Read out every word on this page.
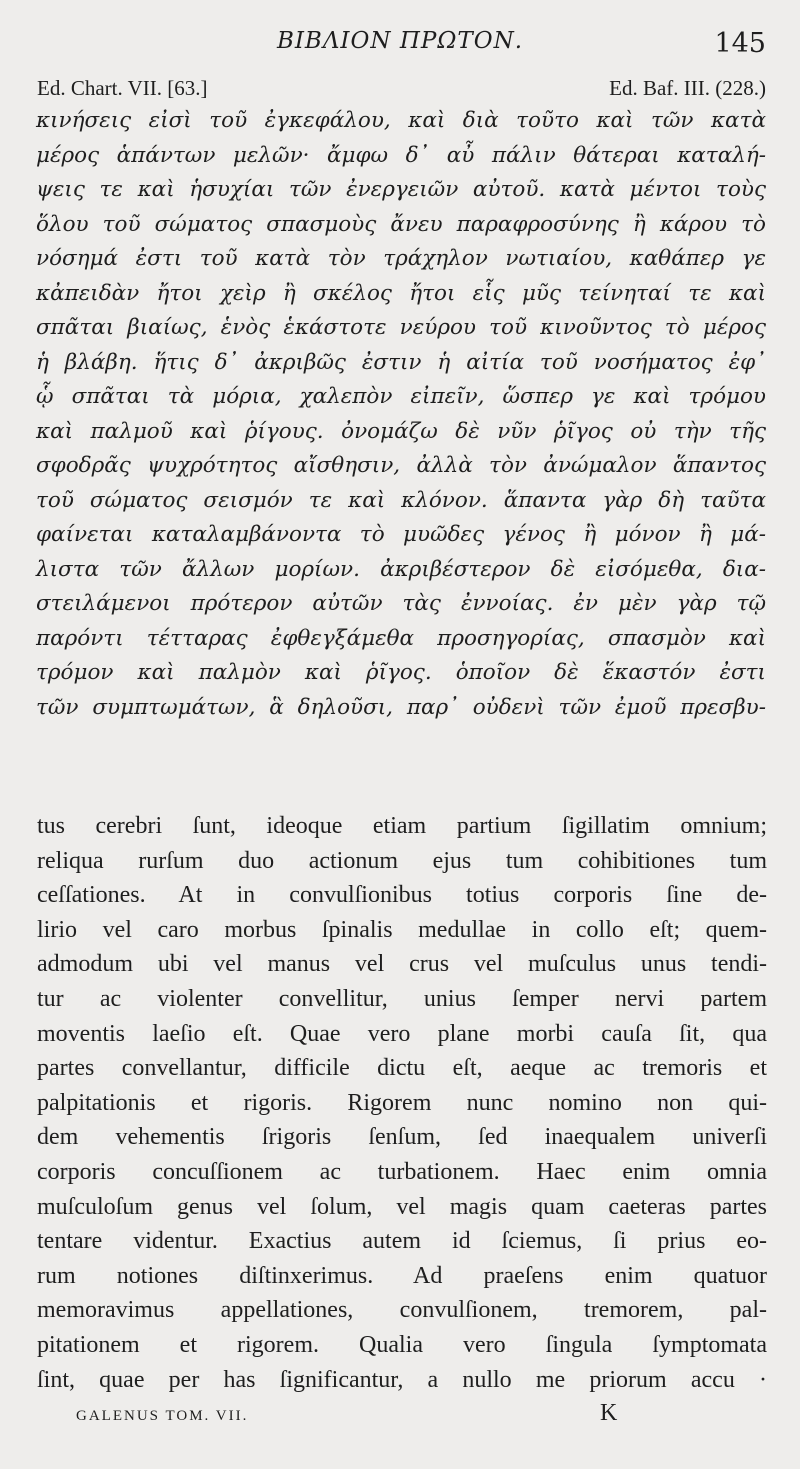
ΒΙΒΛΙΟΝ ΠΡΩΤΟΝ.	145
Ed. Chart. VII. [63.]	Ed. Baf. III. (228.)
κινήσεις εἰσὶ τοῦ ἐγκεφάλου, καὶ διὰ τοῦτο καὶ τῶν κατὰ
μέρος ἁπάντων μελῶν· ἄμφω δ᾽ αὖ πάλιν θάτεραι καταλή-
ψεις τε καὶ ἡσυχίαι τῶν ἐνεργειῶν αὐτοῦ. κατὰ μέντοι τοὺς
ὅλου τοῦ σώματος σπασμοὺς ἄνευ παραφροσύνης ἢ κάρου τὸ
νόσημά ἐστι τοῦ κατὰ τὸν τράχηλον νωτιαίου, καθάπερ γε
κἀπειδὰν ἤτοι χεὶρ ἢ σκέλος ἤτοι εἷς μῦς τείνηταί τε καὶ
σπᾶται βιαίως, ἑνὸς ἑκάστοτε νεύρου τοῦ κινοῦντος τὸ μέρος
ἡ βλάβη. ἥτις δ᾽ ἀκριβῶς ἐστιν ἡ αἰτία τοῦ νοσήματος ἐφ᾽
ᾧ σπᾶται τὰ μόρια, χαλεπὸν εἰπεῖν, ὥσπερ γε καὶ τρόμου
καὶ παλμοῦ καὶ ῥίγους. ὀνομάζω δὲ νῦν ῥῖγος οὐ τὴν τῆς
σφοδρᾶς ψυχρότητος αἴσθησιν, ἀλλὰ τὸν ἀνώμαλον ἅπαντος
τοῦ σώματος σεισμόν τε καὶ κλόνον. ἅπαντα γὰρ δὴ ταῦτα
φαίνεται καταλαμβάνοντα τὸ μυῶδες γένος ἢ μόνον ἢ μά-
λιστα τῶν ἄλλων μορίων. ἀκριβέστερον δὲ εἰσόμεθα, δια-
στειλάμενοι πρότερον αὐτῶν τὰς ἐννοίας. ἐν μὲν γὰρ τῷ
παρόντι τέτταρας ἐφθεγξάμεθα προσηγορίας, σπασμὸν καὶ
τρόμον καὶ παλμὸν καὶ ῥῖγος. ὁποῖον δὲ ἕκαστόν ἐστι
τῶν συμπτωμάτων, ἃ δηλοῦσι, παρ᾽ οὐδενὶ τῶν ἐμοῦ πρεσβυ-
tus cerebri ſunt, ideoque etiam partium ſigillatim omnium;
reliqua rurſum duo actionum ejus tum cohibitiones tum
ceſſationes. At in convulſionibus totius corporis ſine de-
lirio vel caro morbus ſpinalis medullae in collo eſt; quem-
admodum ubi vel manus vel crus vel muſculus unus tendi-
tur ac violenter convellitur, unius ſemper nervi partem
moventis laeſio eſt. Quae vero plane morbi cauſa ſit, qua
partes convellantur, difficile dictu eſt, aeque ac tremoris et
palpitationis et rigoris. Rigorem nunc nomino non qui-
dem vehementis ſrigoris ſenſum, ſed inaequalem univerſi
corporis concuſſionem ac turbationem. Haec enim omnia
muſculoſum genus vel ſolum, vel magis quam caeteras partes
tentare videntur. Exactius autem id ſciemus, ſi prius eo-
rum notiones diſtinxerimus. Ad praeſens enim quatuor
memoravimus appellationes, convulſionem, tremorem, pal-
pitationem et rigorem. Qualia vero ſingula ſymptomata
ſint, quae per has ſignificantur, a nullo me priorum accu ·
GALENUS TOM. VII.	K
